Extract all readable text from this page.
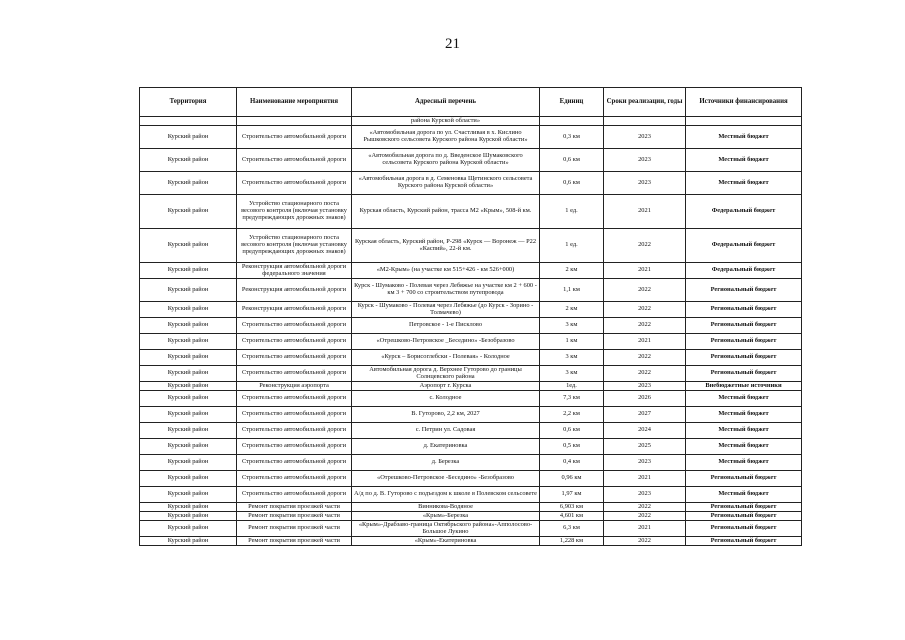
21
Территория	Наименование мероприятия	Адресный перечень	Единиц	Сроки реализации, годы	Источники финансирования
		района Курской области»			
Курский район	Строительство автомобильной дороги	«Автомобильная дорога по ул. Счастливая в х. Кислино Рышковского сельсовета Курского района Курской области»	0,3 км	2023	Местный бюджет
Курский район	Строительство автомобильной дороги	«Автомобильная дорога по д. Введенское Шумаковского сельсовета Курского района Курской области»	0,6 км	2023	Местный бюджет
Курский район	Строительство автомобильной дороги	«Автомобильная дорога в д. Семеновка Щетинского сельсовета Курского района Курской области»	0,6 км	2023	Местный бюджет
Курский район	Устройство стационарного поста весового контроля (включая установку предупреждающих дорожных знаков)	Курская область, Курский район, трасса М2 «Крым», 508-й км.	1 ед.	2021	Федеральный бюджет
Курский район	Устройство стационарного поста весового контроля (включая установку предупреждающих дорожных знаков)	Курская область, Курский район, Р-298 «Курск — Воронеж — Р22 «Каспий», 22-й км.	1 ед.	2022	Федеральный бюджет
Курский район	Реконструкция автомобильной дороги федерального значения	«М2-Крым» (на участке км 515+426 - км 526+000)	2 км	2021	Федеральный бюджет
Курский район	Реконструкция автомобильной дороги	Курск - Шумаково - Полевая через Лебяжье на участке км 2 + 600 - км 3 + 700 со строительством путепровода	1,1 км	2022	Региональный бюджет
Курский район	Реконструкция автомобильной дороги	Курск - Шумаково - Полевая через Лебяжье (до Курск - Зорино - Толмачево)	2 км	2022	Региональный бюджет
Курский район	Строительство автомобильной дороги	Петровское - 1-е Писклово	3 км	2022	Региональный бюджет
Курский район	Строительство автомобильной дороги	«Отрешково-Петровское _Беседино» -Безобразово	1 км	2021	Региональный бюджет
Курский район	Строительство автомобильной дороги	«Курск – Борисоглебски - Полевая» - Колодное	3 км	2022	Региональный бюджет
Курский район	Строительство автомобильной дороги	Автомобильная дорога д. Верхнее Гуторово до границы Солнцевского района	3 км	2022	Региональный бюджет
Курский район	Реконструкция аэропорта	Аэропорт г. Курска	1ед.	2023	Внебюджетные источники
Курский район	Строительство автомобильной дороги	с. Колодное	7,3 км	2026	Местный бюджет
Курский район	Строительство автомобильной дороги	В. Гуторово, 2,2 км, 2027	2,2 км	2027	Местный бюджет
Курский район	Строительство автомобильной дороги	с. Петрин ул. Садовая	0,6 км	2024	Местный бюджет
Курский район	Строительство автомобильной дороги	д. Екатериновка	0,5 км	2025	Местный бюджет
Курский район	Строительство автомобильной дороги	д. Березка	0,4 км	2023	Местный бюджет
Курский район	Строительство автомобильной дороги	«Отрешково-Петровское -Беседино» -Безобразово	0,96 км	2021	Региональный бюджет
Курский район	Строительство автомобильной дороги	А/д по д. В. Гуторово с подъездом к школе в Полевском сельсовете	1,97 км	2023	Местный бюджет
Курский район	Ремонт покрытия проезжей части	Винникова-Водяное	6,903 км	2022	Региональный бюджет
Курский район	Ремонт покрытия проезжей части	«Крым»-Березка	4,601 км	2022	Региональный бюджет
Курский район	Ремонт покрытия проезжей части	«Крым»-Драбзаво-граница Октябрьского района»-Апполосово-Большое Лукино	6,3 км	2021	Региональный бюджет
Курский район	Ремонт покрытия проезжей части	«Крым»-Екатериновка	1,228 км	2022	Региональный бюджет
